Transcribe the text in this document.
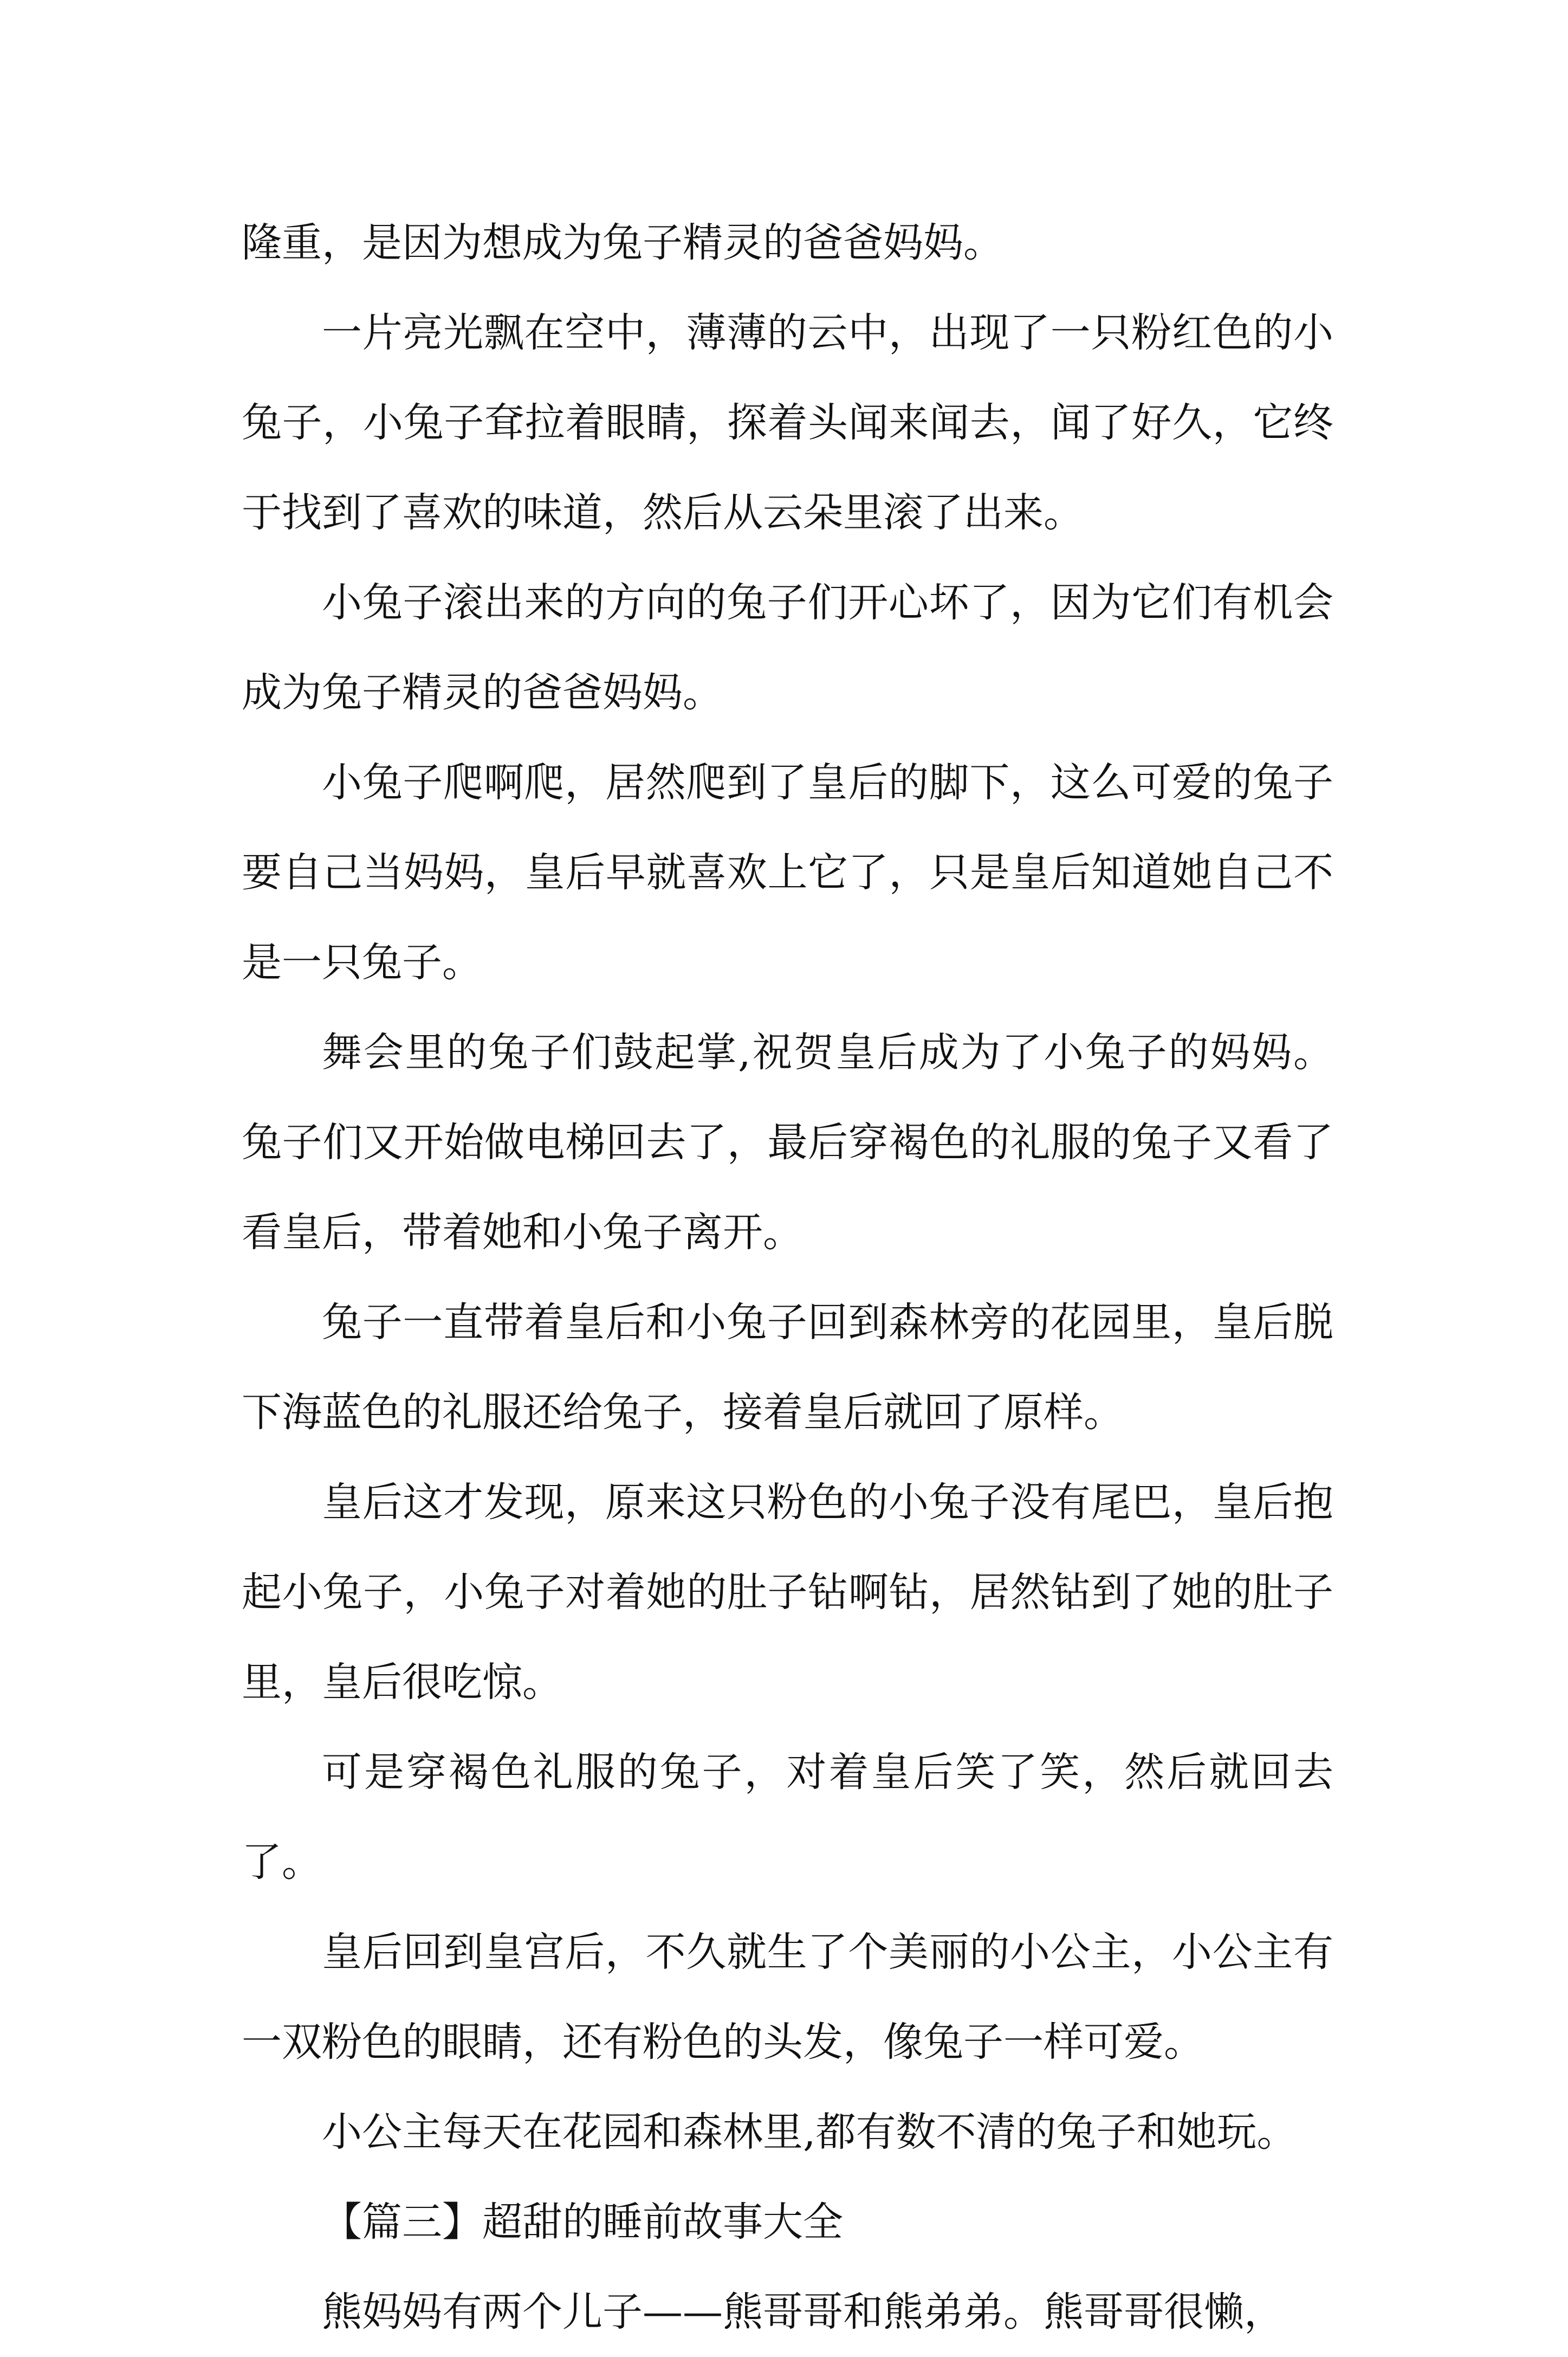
隆重，是因为想成为兔子精灵的爸爸妈妈。

一片亮光飘在空中，薄薄的云中，出现了一只粉红色的小兔子，小兔子耷拉着眼睛，探着头闻来闻去，闻了好久，它终于找到了喜欢的味道，然后从云朵里滚了出来。

小兔子滚出来的方向的兔子们开心坏了，因为它们有机会成为兔子精灵的爸爸妈妈。

小兔子爬啊爬，居然爬到了皇后的脚下，这么可爱的兔子要自己当妈妈，皇后早就喜欢上它了，只是皇后知道她自己不是一只兔子。

舞会里的兔子们鼓起掌,祝贺皇后成为了小兔子的妈妈。兔子们又开始做电梯回去了，最后穿褐色的礼服的兔子又看了看皇后，带着她和小兔子离开。

兔子一直带着皇后和小兔子回到森林旁的花园里，皇后脱下海蓝色的礼服还给兔子，接着皇后就回了原样。

皇后这才发现，原来这只粉色的小兔子没有尾巴，皇后抱起小兔子，小兔子对着她的肚子钻啊钻，居然钻到了她的肚子里，皇后很吃惊。

可是穿褐色礼服的兔子，对着皇后笑了笑，然后就回去了。

皇后回到皇宫后，不久就生了个美丽的小公主，小公主有一双粉色的眼睛，还有粉色的头发，像兔子一样可爱。

小公主每天在花园和森林里,都有数不清的兔子和她玩。

【篇三】超甜的睡前故事大全

熊妈妈有两个儿子——熊哥哥和熊弟弟。熊哥哥很懒，
